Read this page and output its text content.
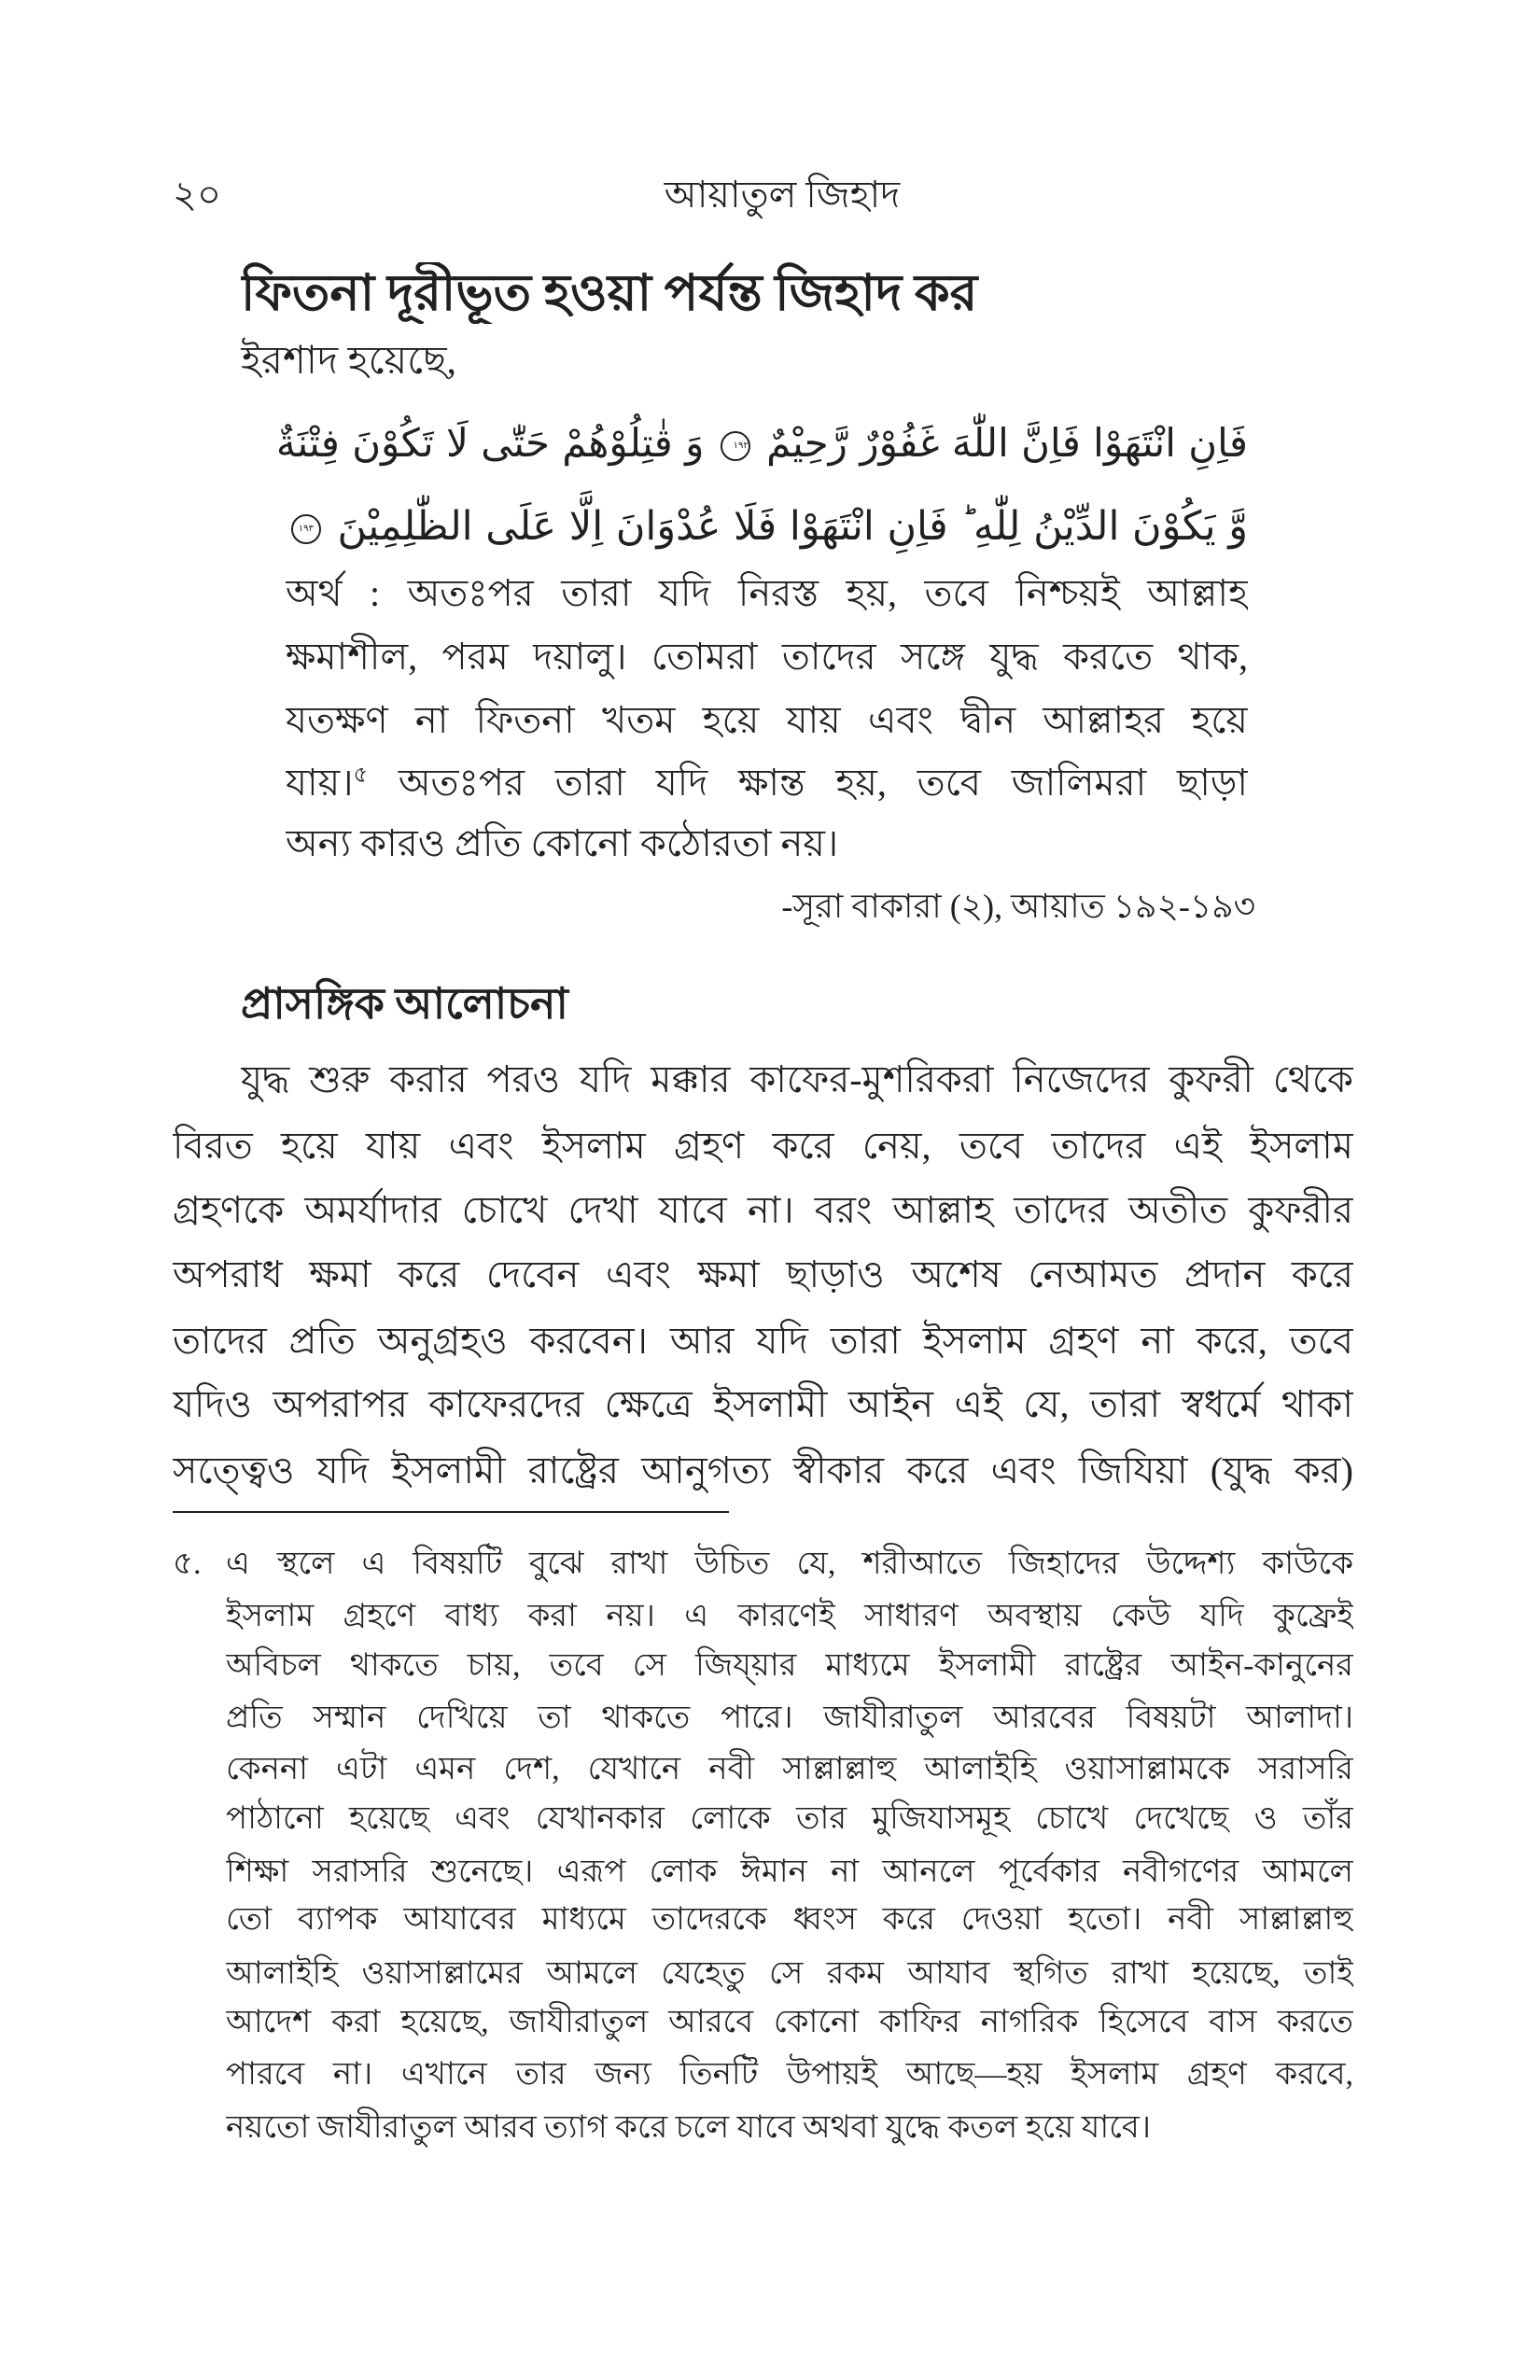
২০	আয়াতুল জিহাদ
ফিতনা দূরীভূত হওয়া পর্যন্ত জিহাদ কর
ইরশাদ হয়েছে,
فَاِنِ انْتَهَوْا فَاِنَّ اللّٰهَ غَفُوْرٌ رَّحِيْمٌ ١٩٢ وَ قٰتِلُوْهُمْ حَتّٰى لَا تَكُوْنَ فِتْنَةٌ
وَّ يَكُوْنَ الدِّيْنُ لِلّٰهِ ؕ فَاِنِ انْتَهَوْا فَلَا عُدْوَانَ اِلَّا عَلَى الظّٰلِمِيْنَ ١٩٣
অর্থ : অতঃপর তারা যদি নিরস্ত হয়, তবে নিশ্চয়ই আল্লাহ
ক্ষমাশীল, পরম দয়ালু। তোমরা তাদের সঙ্গে যুদ্ধ করতে থাক,
যতক্ষণ না ফিতনা খতম হয়ে যায় এবং দ্বীন আল্লাহর হয়ে
যায়।$^৫$ অতঃপর তারা যদি ক্ষান্ত হয়, তবে জালিমরা ছাড়া
অন্য কারও প্রতি কোনো কঠোরতা নয়।
-সূরা বাকারা (২), আয়াত ১৯২-১৯৩
প্রাসঙ্গিক আলোচনা
যুদ্ধ শুরু করার পরও যদি মক্কার কাফের-মুশরিকরা নিজেদের কুফরী থেকে
বিরত হয়ে যায় এবং ইসলাম গ্রহণ করে নেয়, তবে তাদের এই ইসলাম
গ্রহণকে অমর্যাদার চোখে দেখা যাবে না। বরং আল্লাহ তাদের অতীত কুফরীর
অপরাধ ক্ষমা করে দেবেন এবং ক্ষমা ছাড়াও অশেষ নেআমত প্রদান করে
তাদের প্রতি অনুগ্রহও করবেন। আর যদি তারা ইসলাম গ্রহণ না করে, তবে
যদিও অপরাপর কাফেরদের ক্ষেত্রে ইসলামী আইন এই যে, তারা স্বধর্মে থাকা
সত্ত্বেও যদি ইসলামী রাষ্ট্রের আনুগত্য স্বীকার করে এবং জিযিয়া (যুদ্ধ কর)
৫. এ স্থলে এ বিষয়টি বুঝে রাখা উচিত যে, শরীআতে জিহাদের উদ্দেশ্য কাউকে
ইসলাম গ্রহণে বাধ্য করা নয়। এ কারণেই সাধারণ অবস্থায় কেউ যদি কুফ্রেই
অবিচল থাকতে চায়, তবে সে জিয্য়ার মাধ্যমে ইসলামী রাষ্ট্রের আইন-কানুনের
প্রতি সম্মান দেখিয়ে তা থাকতে পারে। জাযীরাতুল আরবের বিষয়টা আলাদা।
কেননা এটা এমন দেশ, যেখানে নবী সাল্লাল্লাহু আলাইহি ওয়াসাল্লামকে সরাসরি
পাঠানো হয়েছে এবং যেখানকার লোকে তার মুজিযাসমূহ চোখে দেখেছে ও তাঁর
শিক্ষা সরাসরি শুনেছে। এরূপ লোক ঈমান না আনলে পূর্বেকার নবীগণের আমলে
তো ব্যাপক আযাবের মাধ্যমে তাদেরকে ধ্বংস করে দেওয়া হতো। নবী সাল্লাল্লাহু
আলাইহি ওয়াসাল্লামের আমলে যেহেতু সে রকম আযাব স্থগিত রাখা হয়েছে, তাই
আদেশ করা হয়েছে, জাযীরাতুল আরবে কোনো কাফির নাগরিক হিসেবে বাস করতে
পারবে না। এখানে তার জন্য তিনটি উপায়ই আছে—হয় ইসলাম গ্রহণ করবে,
নয়তো জাযীরাতুল আরব ত্যাগ করে চলে যাবে অথবা যুদ্ধে কতল হয়ে যাবে।
